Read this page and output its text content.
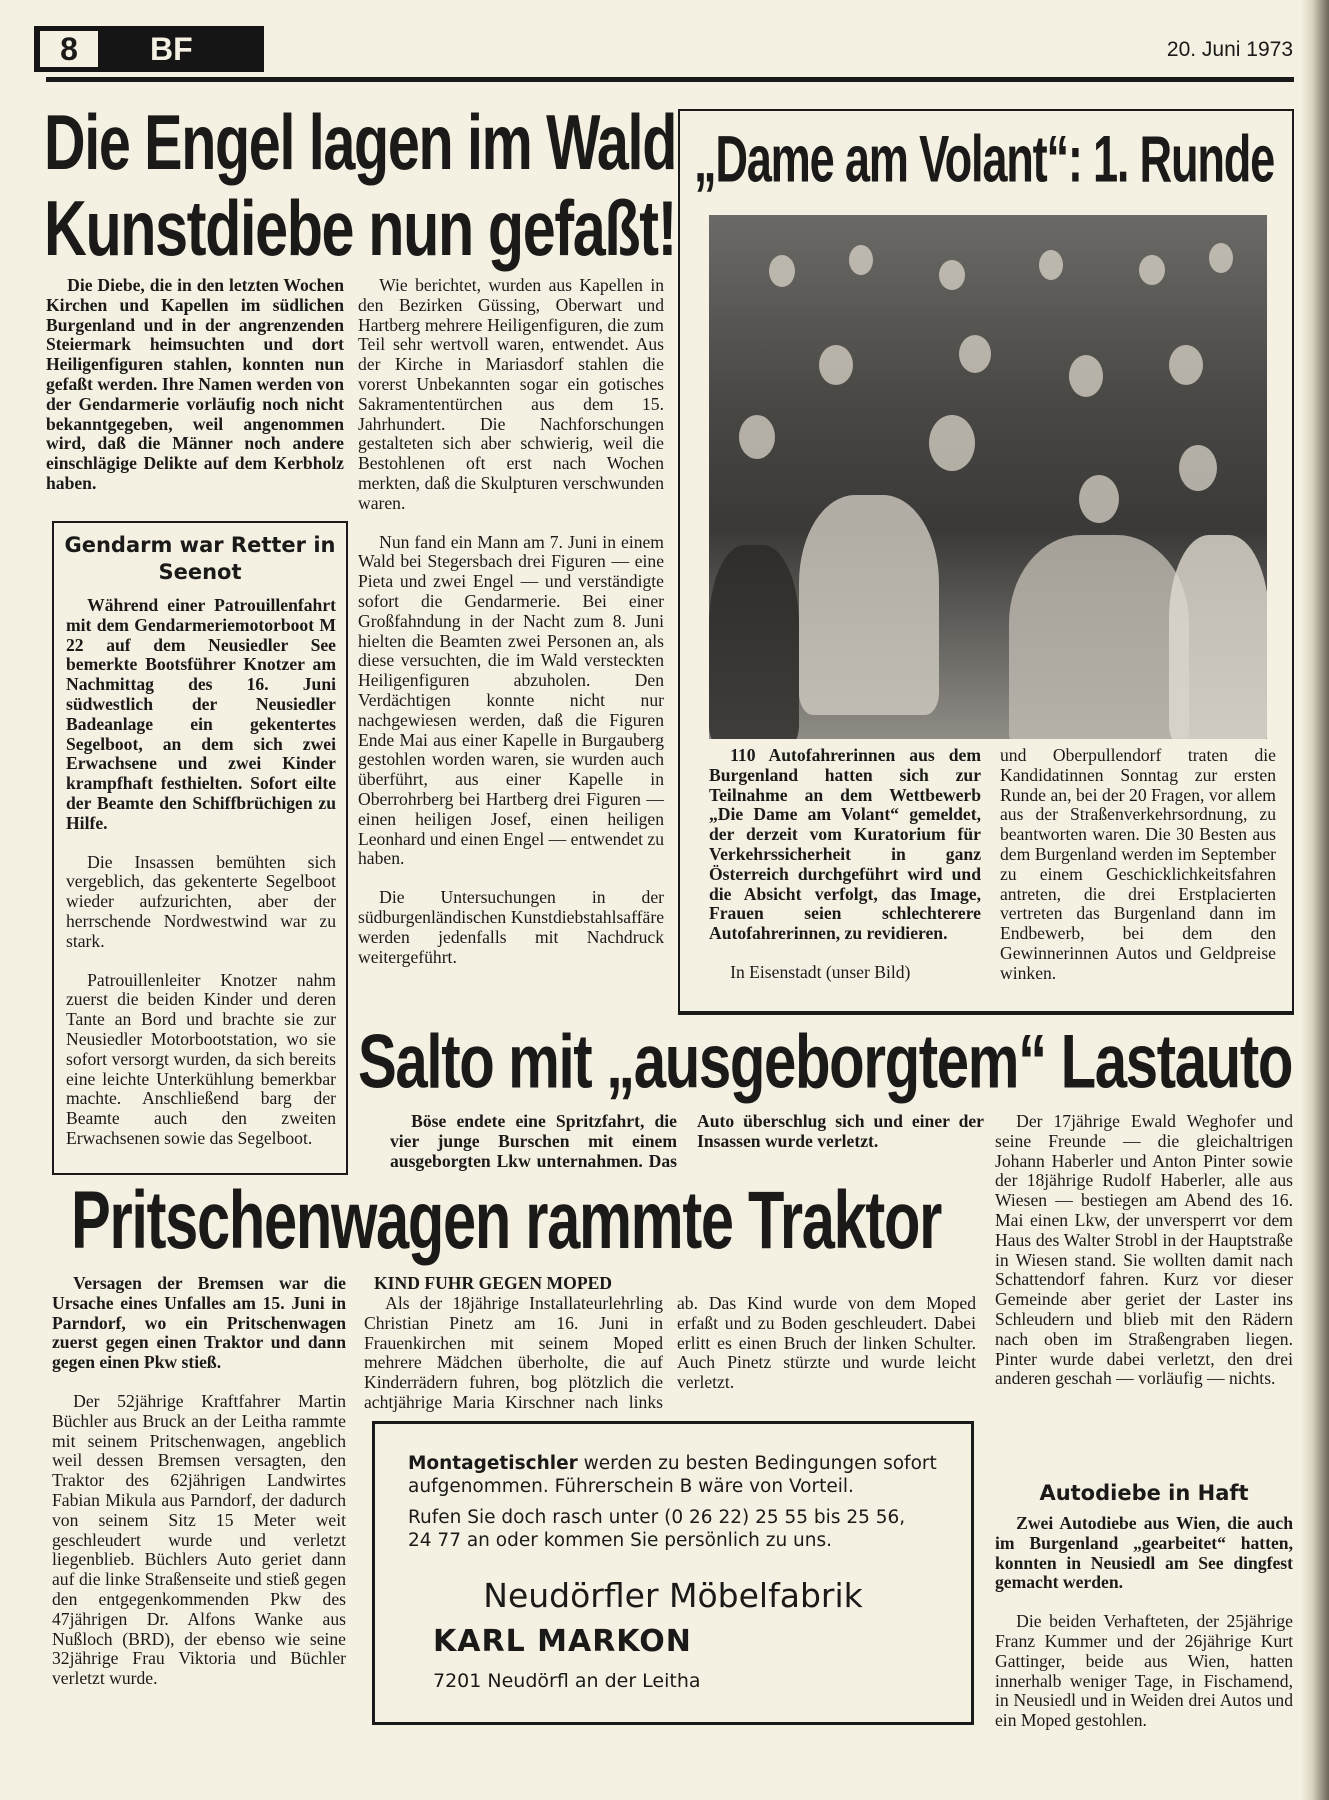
8	BF	20. Juni 1973
Die Engel lagen im Wald
Kunstdiebe nun gefaßt!

Die Diebe, die in den letzten Wochen Kirchen und Kapellen im südlichen Burgenland und in der angrenzenden Steiermark heimsuchten und dort Heiligenfiguren stahlen, konnten nun gefaßt werden. Ihre Namen werden von der Gendarmerie vorläufig noch nicht bekanntgegeben, weil angenommen wird, daß die Männer noch andere einschlägige Delikte auf dem Kerbholz haben.

Wie berichtet, wurden aus Kapellen in den Bezirken Güssing, Oberwart und Hartberg mehrere Heiligenfiguren, die zum Teil sehr wertvoll waren, entwendet. Aus der Kirche in Mariasdorf stahlen die vorerst Unbekannten sogar ein gotisches Sakramententürchen aus dem 15. Jahrhundert. Die Nachforschungen gestalteten sich aber schwierig, weil die Bestohlenen oft erst nach Wochen merkten, daß die Skulpturen verschwunden waren.

Nun fand ein Mann am 7. Juni in einem Wald bei Stegersbach drei Figuren — eine Pieta und zwei Engel — und verständigte sofort die Gendarmerie. Bei einer Großfahndung in der Nacht zum 8. Juni hielten die Beamten zwei Personen an, als diese versuchten, die im Wald versteckten Heiligenfiguren abzuholen. Den Verdächtigen konnte nicht nur nachgewiesen werden, daß die Figuren Ende Mai aus einer Kapelle in Burgauberg gestohlen worden waren, sie wurden auch überführt, aus einer Kapelle in Oberrohrberg bei Hartberg drei Figuren — einen heiligen Josef, einen heiligen Leonhard und einen Engel — entwendet zu haben.

Die Untersuchungen in der südburgenländischen Kunstdiebstahlsaffäre werden jedenfalls mit Nachdruck weitergeführt.

Gendarm war Retter in Seenot

Während einer Patrouillenfahrt mit dem Gendarmeriemotorboot M 22 auf dem Neusiedler See bemerkte Bootsführer Knotzer am Nachmittag des 16. Juni südwestlich der Neusiedler Badeanlage ein gekentertes Segelboot, an dem sich zwei Erwachsene und zwei Kinder krampfhaft festhielten. Sofort eilte der Beamte den Schiffbrüchigen zu Hilfe.

Die Insassen bemühten sich vergeblich, das gekenterte Segelboot wieder aufzurichten, aber der herrschende Nordwestwind war zu stark.

Patrouillenleiter Knotzer nahm zuerst die beiden Kinder und deren Tante an Bord und brachte sie zur Neusiedler Motorbootstation, wo sie sofort versorgt wurden, da sich bereits eine leichte Unterkühlung bemerkbar machte. Anschließend barg der Beamte auch den zweiten Erwachsenen sowie das Segelboot.

„Dame am Volant“: 1. Runde

110 Autofahrerinnen aus dem Burgenland hatten sich zur Teilnahme an dem Wettbewerb „Die Dame am Volant“ gemeldet, der derzeit vom Kuratorium für Verkehrssicherheit in ganz Österreich durchgeführt wird und die Absicht verfolgt, das Image, Frauen seien schlechterere Autofahrerinnen, zu revidieren.

In Eisenstadt (unser Bild)

und Oberpullendorf traten die Kandidatinnen Sonntag zur ersten Runde an, bei der 20 Fragen, vor allem aus der Straßenverkehrsordnung, zu beantworten waren. Die 30 Besten aus dem Burgenland werden im September zu einem Geschicklichkeitsfahren antreten, die drei Erstplacierten vertreten das Burgenland dann im Endbewerb, bei dem den Gewinnerinnen Autos und Geldpreise winken.

Salto mit „ausgeborgtem“ Lastauto

Böse endete eine Spritzfahrt, die vier junge Burschen mit einem ausgeborgten Lkw unternahmen. Das Auto überschlug sich und einer der Insassen wurde verletzt.

Der 17jährige Ewald Weghofer und seine Freunde — die gleichaltrigen Johann Haberler und Anton Pinter sowie der 18jährige Rudolf Haberler, alle aus Wiesen — bestiegen am Abend des 16. Mai einen Lkw, der unversperrt vor dem Haus des Walter Strobl in der Hauptstraße in Wiesen stand. Sie wollten damit nach Schattendorf fahren. Kurz vor dieser Gemeinde aber geriet der Laster ins Schleudern und blieb mit den Rädern nach oben im Straßengraben liegen. Pinter wurde dabei verletzt, den drei anderen geschah — vorläufig — nichts.

Pritschenwagen rammte Traktor

Versagen der Bremsen war die Ursache eines Unfalles am 15. Juni in Parndorf, wo ein Pritschenwagen zuerst gegen einen Traktor und dann gegen einen Pkw stieß.

Der 52jährige Kraftfahrer Martin Büchler aus Bruck an der Leitha rammte mit seinem Pritschenwagen, angeblich weil dessen Bremsen versagten, den Traktor des 62jährigen Landwirtes Fabian Mikula aus Parndorf, der dadurch von seinem Sitz 15 Meter weit geschleudert wurde und verletzt liegenblieb. Büchlers Auto geriet dann auf die linke Straßenseite und stieß gegen den entgegenkommenden Pkw des 47jährigen Dr. Alfons Wanke aus Nußloch (BRD), der ebenso wie seine 32jährige Frau Viktoria und Büchler verletzt wurde.

KIND FUHR GEGEN MOPED

Als der 18jährige Installateurlehrling Christian Pinetz am 16. Juni in Frauenkirchen mit seinem Moped mehrere Mädchen überholte, die auf Kinderrädern fuhren, bog plötzlich die achtjährige Maria Kirschner nach links ab. Das Kind wurde von dem Moped erfaßt und zu Boden geschleudert. Dabei erlitt es einen Bruch der linken Schulter. Auch Pinetz stürzte und wurde leicht verletzt.

Montagetischler werden zu besten Bedingungen sofort aufgenommen. Führerschein B wäre von Vorteil.
Rufen Sie doch rasch unter (0 26 22) 25 55 bis 25 56, 24 77 an oder kommen Sie persönlich zu uns.
Neudörfler Möbelfabrik
KARL MARKON
7201 Neudörfl an der Leitha
Autodiebe in Haft

Zwei Autodiebe aus Wien, die auch im Burgenland „gearbeitet“ hatten, konnten in Neusiedl am See dingfest gemacht werden.

Die beiden Verhafteten, der 25jährige Franz Kummer und der 26jährige Kurt Gattinger, beide aus Wien, hatten innerhalb weniger Tage, in Fischamend, in Neusiedl und in Weiden drei Autos und ein Moped gestohlen.
